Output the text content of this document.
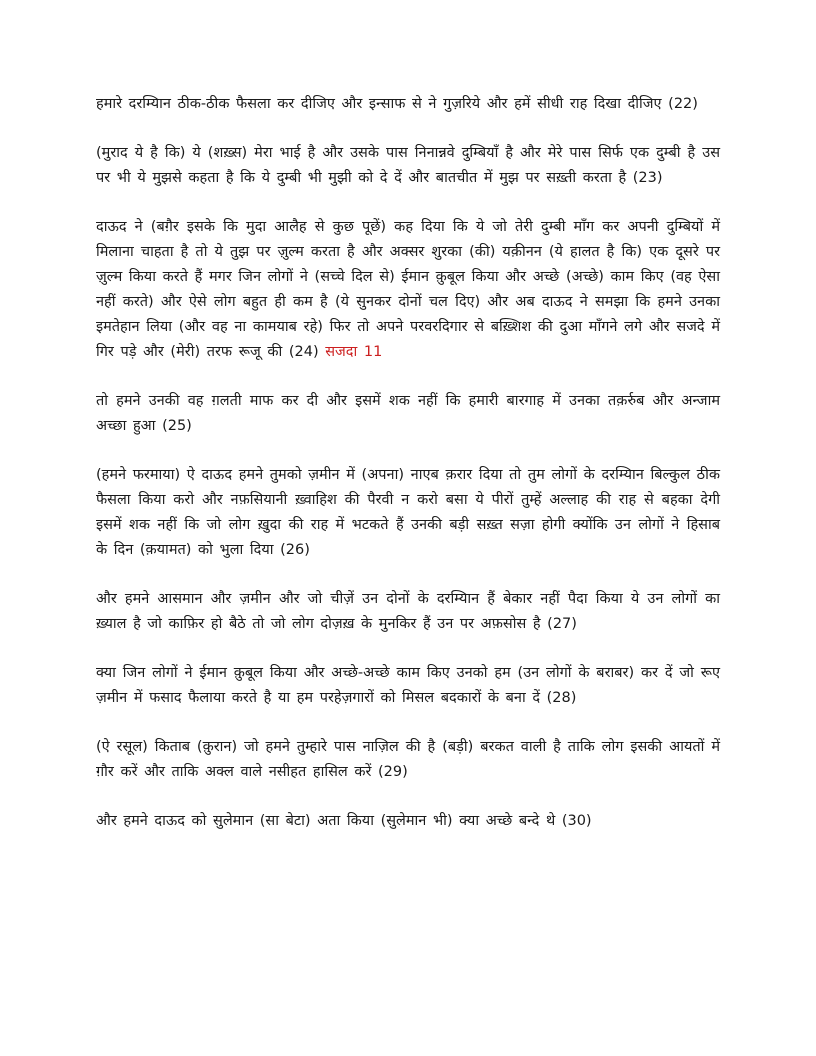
हमारे दरम्यिान ठीक-ठीक फैसला कर दीजिए और इन्साफ से ने गुज़रिये और हमें सीधी राह दिखा दीजिए (22)

(मुराद ये है कि) ये (शख़्स) मेरा भाई है और उसके पास निनान्नवे दुम्बियाँ है और मेरे पास सिर्फ एक दुम्बी है उस पर भी ये मुझसे कहता है कि ये दुम्बी भी मुझी को दे दें और बातचीत में मुझ पर सख़्ती करता है (23)

दाऊद ने (बग़ैर इसके कि मुदा आलैह से कुछ पूछें) कह दिया कि ये जो तेरी दुम्बी माँग कर अपनी दुम्बियों में मिलाना चाहता है तो ये तुझ पर ज़ुल्म करता है और अक्सर शुरका (की) यक़ीनन (ये हालत है कि) एक दूसरे पर ज़ुल्म किया करते हैं मगर जिन लोगों ने (सच्चे दिल से) ईमान क़ुबूल किया और अच्छे (अच्छे) काम किए (वह ऐसा नहीं करते) और ऐसे लोग बहुत ही कम है (ये सुनकर दोनों चल दिए) और अब दाऊद ने समझा कि हमने उनका इमतेहान लिया (और वह ना कामयाब रहे) फिर तो अपने परवरदिगार से बख़्शिश की दुआ माँगने लगे और सजदे में गिर पड़े और (मेरी) तरफ रूजू की (24) सजदा 11

तो हमने उनकी वह ग़लती माफ कर दी और इसमें शक नहीं कि हमारी बारगाह में उनका तक़र्रुब और अन्जाम अच्छा हुआ (25)

(हमने फरमाया) ऐ दाऊद हमने तुमको ज़मीन में (अपना) नाएब क़रार दिया तो तुम लोगों के दरम्यिान बिल्कुल ठीक फैसला किया करो और नफ़सियानी ख़्वाहिश की पैरवी न करो बसा ये पीरों तुम्हें अल्लाह की राह से बहका देगी इसमें शक नहीं कि जो लोग ख़ुदा की राह में भटकते हैं उनकी बड़ी सख़्त सज़ा होगी क्योंकि उन लोगों ने हिसाब के दिन (क़यामत) को भुला दिया (26)

और हमने आसमान और ज़मीन और जो चीज़ें उन दोनों के दरम्यिान हैं बेकार नहीं पैदा किया ये उन लोगों का ख़्याल है जो काफ़िर हो बैठे तो जो लोग दोज़ख़ के मुनकिर हैं उन पर अफ़सोस है (27)

क्या जिन लोगों ने ईमान क़ुबूल किया और अच्छे-अच्छे काम किए उनको हम (उन लोगों के बराबर) कर दें जो रूए ज़मीन में फसाद फैलाया करते है या हम परहेज़गारों को मिसल बदकारों के बना दें (28)

(ऐ रसूल) किताब (क़ुरान) जो हमने तुम्हारे पास नाज़िल की है (बड़ी) बरकत वाली है ताकि लोग इसकी आयतों में ग़ौर करें और ताकि अक्ल वाले नसीहत हासिल करें (29)

और हमने दाऊद को सुलेमान (सा बेटा) अता किया (सुलेमान भी) क्या अच्छे बन्दे थे (30)
